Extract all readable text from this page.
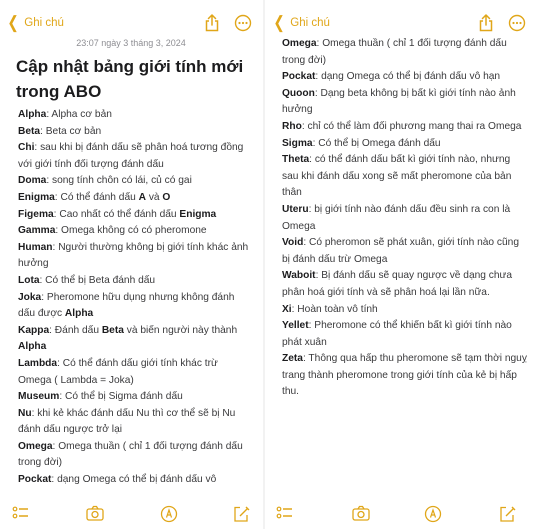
❮ Ghi chú
23:07 ngày 3 tháng 3, 2024
Cập nhật bảng giới tính mới trong ABO

Alpha: Alpha cơ bản

Beta: Beta cơ bản

Chi: sau khi bị đánh dấu sẽ phân hoá tương đồng với giới tính đối tượng đánh dấu

Doma: song tính chôn có lái, củ có gai

Enigma: Có thể đánh dấu A và O

Figema: Cao nhất có thể đánh dấu Enigma

Gamma: Omega không có có pheromone

Human: Người thường không bị giới tính khác ảnh hưởng

Lota: Có thể bị Beta đánh dấu

Joka: Pheromone hữu dụng nhưng không đánh dấu được Alpha

Kappa: Đánh dấu Beta và biến người này thành Alpha

Lambda: Có thể đánh dấu giới tính khác trừ Omega ( Lambda = Joka)

Museum: Có thể bị Sigma đánh dấu

Nu: khi kẻ khác đánh dấu Nu thì cơ thể sẽ bị Nu đánh dấu ngược trở lại

Omega: Omega thuần ( chỉ 1 đối tượng đánh dấu trong đời)

Pockat: dạng Omega có thể bị đánh dấu vô

❮ Ghi chú

Omega: Omega thuần ( chỉ 1 đối tượng đánh dấu trong đời)

Pockat: dạng Omega có thể bị đánh dấu vô hạn

Quoon: Dạng beta không bị bất kì giới tính nào ảnh hưởng

Rho: chỉ có thể làm đối phương mang thai ra Omega

Sigma: Có thể bị Omega đánh dấu

Theta: có thể đánh dấu bất kì giới tính nào, nhưng sau khi đánh dấu xong sẽ mất pheromone của bản thân

Uteru: bị giới tính nào đánh dấu đều sinh ra con là Omega

Void: Có pheromon sẽ phát xuân, giới tính nào cũng bị đánh dấu trừ Omega

Waboit: Bị đánh dấu sẽ quay ngược về dạng chưa phân hoá giới tính và sẽ phân hoá lại lần nữa.

Xi: Hoàn toàn vô tính

Yellet: Pheromone có thể khiến bất kì giới tính nào phát xuân

Zeta: Thông qua hấp thu pheromone sẽ tạm thời nguỵ trang thành pheromone trong giới tính của kẻ bị hấp thu.
